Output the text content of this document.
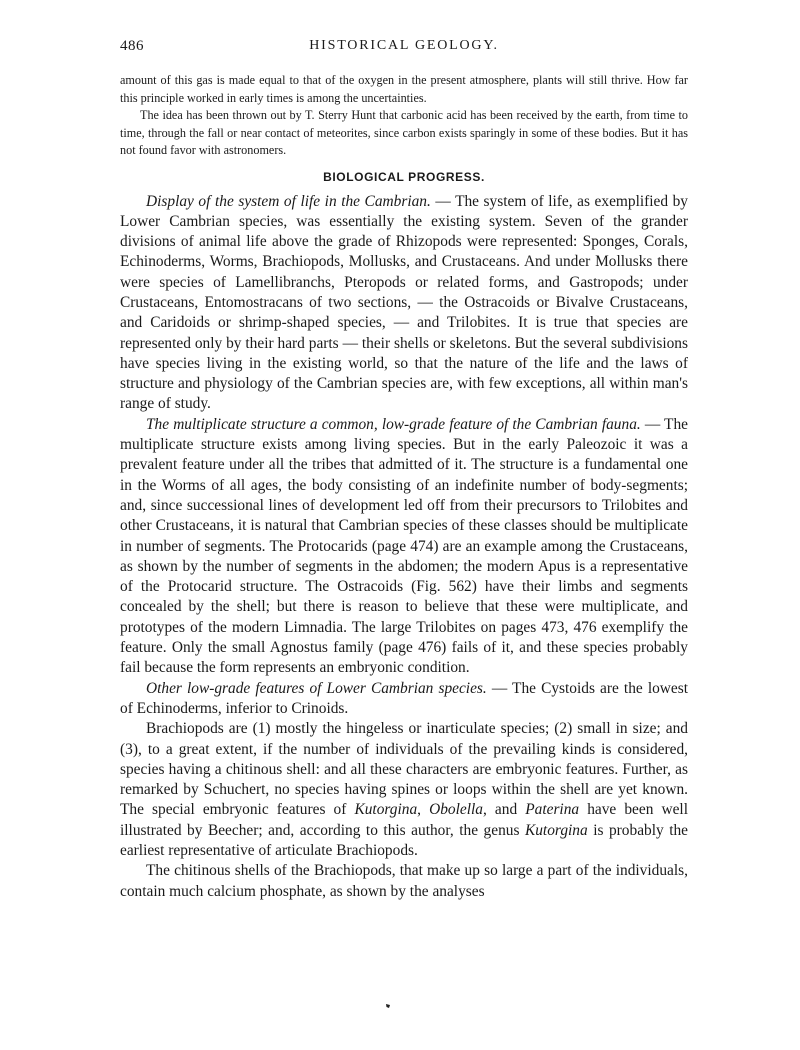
486	HISTORICAL GEOLOGY.

amount of this gas is made equal to that of the oxygen in the present atmosphere, plants will still thrive. How far this principle worked in early times is among the uncertainties.

The idea has been thrown out by T. Sterry Hunt that carbonic acid has been received by the earth, from time to time, through the fall or near contact of meteorites, since carbon exists sparingly in some of these bodies. But it has not found favor with astronomers.

BIOLOGICAL PROGRESS.

Display of the system of life in the Cambrian. — The system of life, as exemplified by Lower Cambrian species, was essentially the existing system. Seven of the grander divisions of animal life above the grade of Rhizopods were represented: Sponges, Corals, Echinoderms, Worms, Brachiopods, Mollusks, and Crustaceans. And under Mollusks there were species of Lamellibranchs, Pteropods or related forms, and Gastropods; under Crustaceans, Entomostracans of two sections, — the Ostracoids or Bivalve Crustaceans, and Caridoids or shrimp-shaped species, — and Trilobites. It is true that species are represented only by their hard parts — their shells or skeletons. But the several subdivisions have species living in the existing world, so that the nature of the life and the laws of structure and physiology of the Cambrian species are, with few exceptions, all within man's range of study.

The multiplicate structure a common, low-grade feature of the Cambrian fauna. — The multiplicate structure exists among living species. But in the early Paleozoic it was a prevalent feature under all the tribes that admitted of it. The structure is a fundamental one in the Worms of all ages, the body consisting of an indefinite number of body-segments; and, since successional lines of development led off from their precursors to Trilobites and other Crustaceans, it is natural that Cambrian species of these classes should be multiplicate in number of segments. The Protocarids (page 474) are an example among the Crustaceans, as shown by the number of segments in the abdomen; the modern Apus is a representative of the Protocarid structure. The Ostracoids (Fig. 562) have their limbs and segments concealed by the shell; but there is reason to believe that these were multiplicate, and prototypes of the modern Limnadia. The large Trilobites on pages 473, 476 exemplify the feature. Only the small Agnostus family (page 476) fails of it, and these species probably fail because the form represents an embryonic condition.

Other low-grade features of Lower Cambrian species. — The Cystoids are the lowest of Echinoderms, inferior to Crinoids.

Brachiopods are (1) mostly the hingeless or inarticulate species; (2) small in size; and (3), to a great extent, if the number of individuals of the prevailing kinds is considered, species having a chitinous shell: and all these characters are embryonic features. Further, as remarked by Schuchert, no species having spines or loops within the shell are yet known. The special embryonic features of Kutorgina, Obolella, and Paterina have been well illustrated by Beecher; and, according to this author, the genus Kutorgina is probably the earliest representative of articulate Brachiopods.

The chitinous shells of the Brachiopods, that make up so large a part of the individuals, contain much calcium phosphate, as shown by the analyses
